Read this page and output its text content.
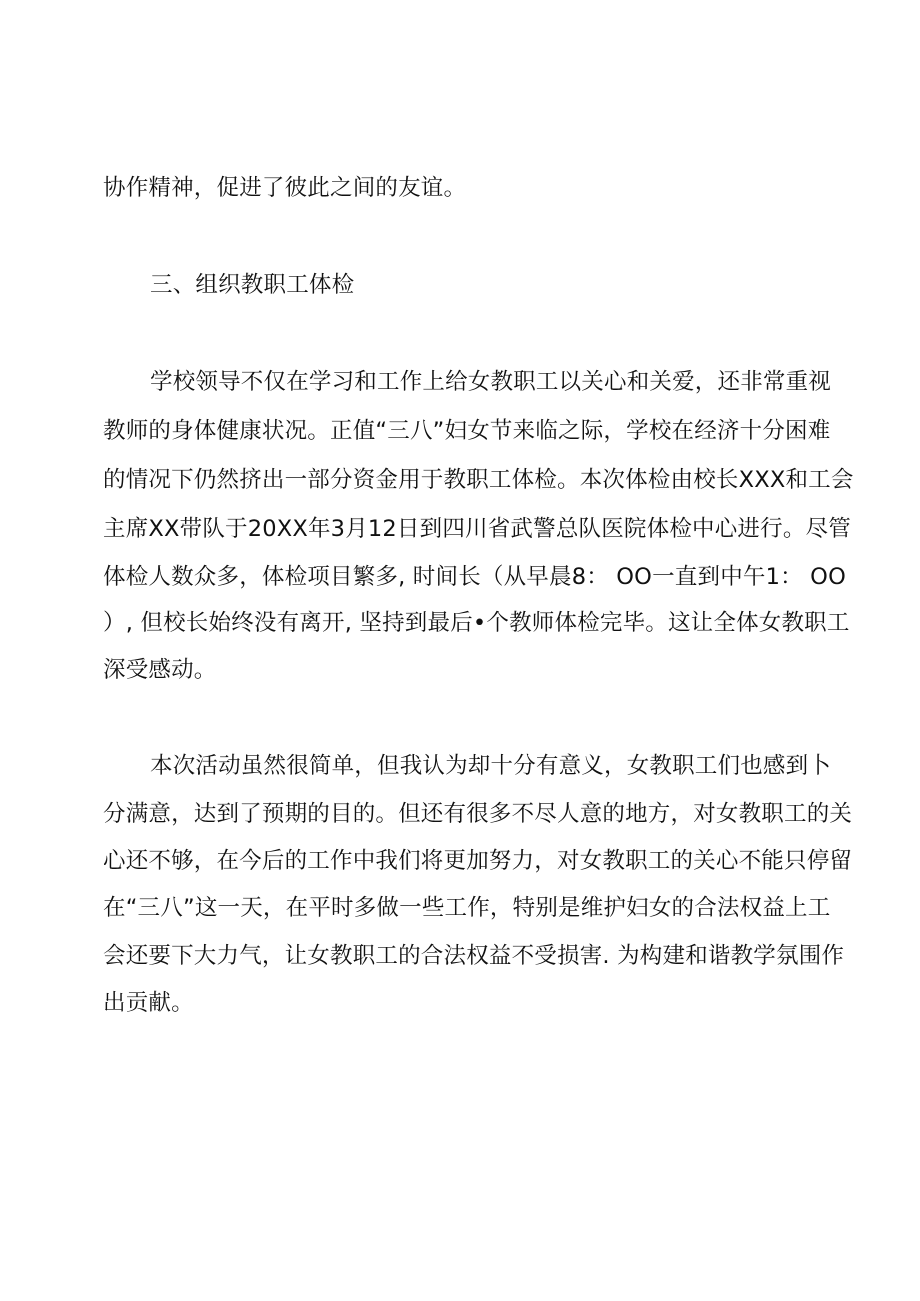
协作精神，促进了彼此之间的友谊。
三、组织教职工体检
学校领导不仅在学习和工作上给女教职工以关心和关爱，还非常重视
教师的身体健康状况。正值“三八”妇女节来临之际，学校在经济十分困难
的情况下仍然挤出一部分资金用于教职工体检。本次体检由校长XXX和工会
主席XX带队于20XX年3月12日到四川省武警总队医院体检中心进行。尽管
体检人数众多，体检项目繁多, 时间长（从早晨8： OO一直到中午1： OO
）, 但校长始终没有离开, 坚持到最后•个教师体检完毕。这让全体女教职工
深受感动。
本次活动虽然很简单，但我认为却十分有意义，女教职工们也感到卜
分满意，达到了预期的目的。但还有很多不尽人意的地方，对女教职工的关
心还不够，在今后的工作中我们将更加努力，对女教职工的关心不能只停留
在“三八”这一天，在平时多做一些工作，特别是维护妇女的合法权益上工
会还要下大力气，让女教职工的合法权益不受损害. 为构建和谐教学氛围作
出贡献。
